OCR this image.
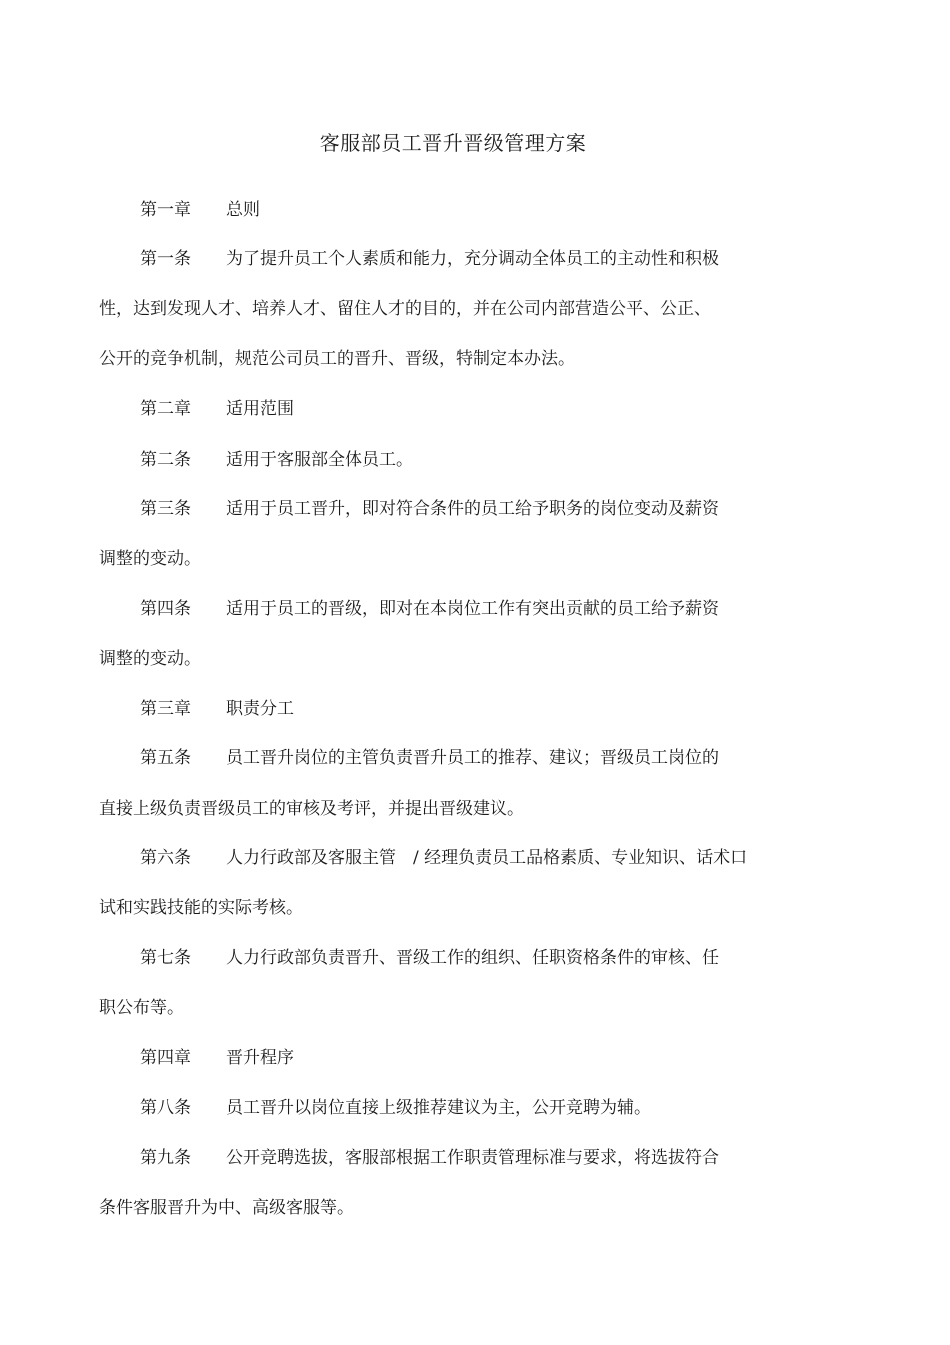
客服部员工晋升晋级管理方案
第一章 总则
第一条 为了提升员工个人素质和能力，充分调动全体员工的主动性和积极
性，达到发现人才、培养人才、留住人才的目的，并在公司内部营造公平、公正、
公开的竞争机制，规范公司员工的晋升、晋级，特制定本办法。
第二章 适用范围
第二条 适用于客服部全体员工。
第三条 适用于员工晋升，即对符合条件的员工给予职务的岗位变动及薪资
调整的变动。
第四条 适用于员工的晋级，即对在本岗位工作有突出贡献的员工给予薪资
调整的变动。
第三章 职责分工
第五条 员工晋升岗位的主管负责晋升员工的推荐、建议；晋级员工岗位的
直接上级负责晋级员工的审核及考评，并提出晋级建议。
第六条 人力行政部及客服主管　/ 经理负责员工品格素质、专业知识、话术口
试和实践技能的实际考核。
第七条 人力行政部负责晋升、晋级工作的组织、任职资格条件的审核、任
职公布等。
第四章 晋升程序
第八条 员工晋升以岗位直接上级推荐建议为主，公开竞聘为辅。
第九条 公开竞聘选拔，客服部根据工作职责管理标准与要求，将选拔符合
条件客服晋升为中、高级客服等。
